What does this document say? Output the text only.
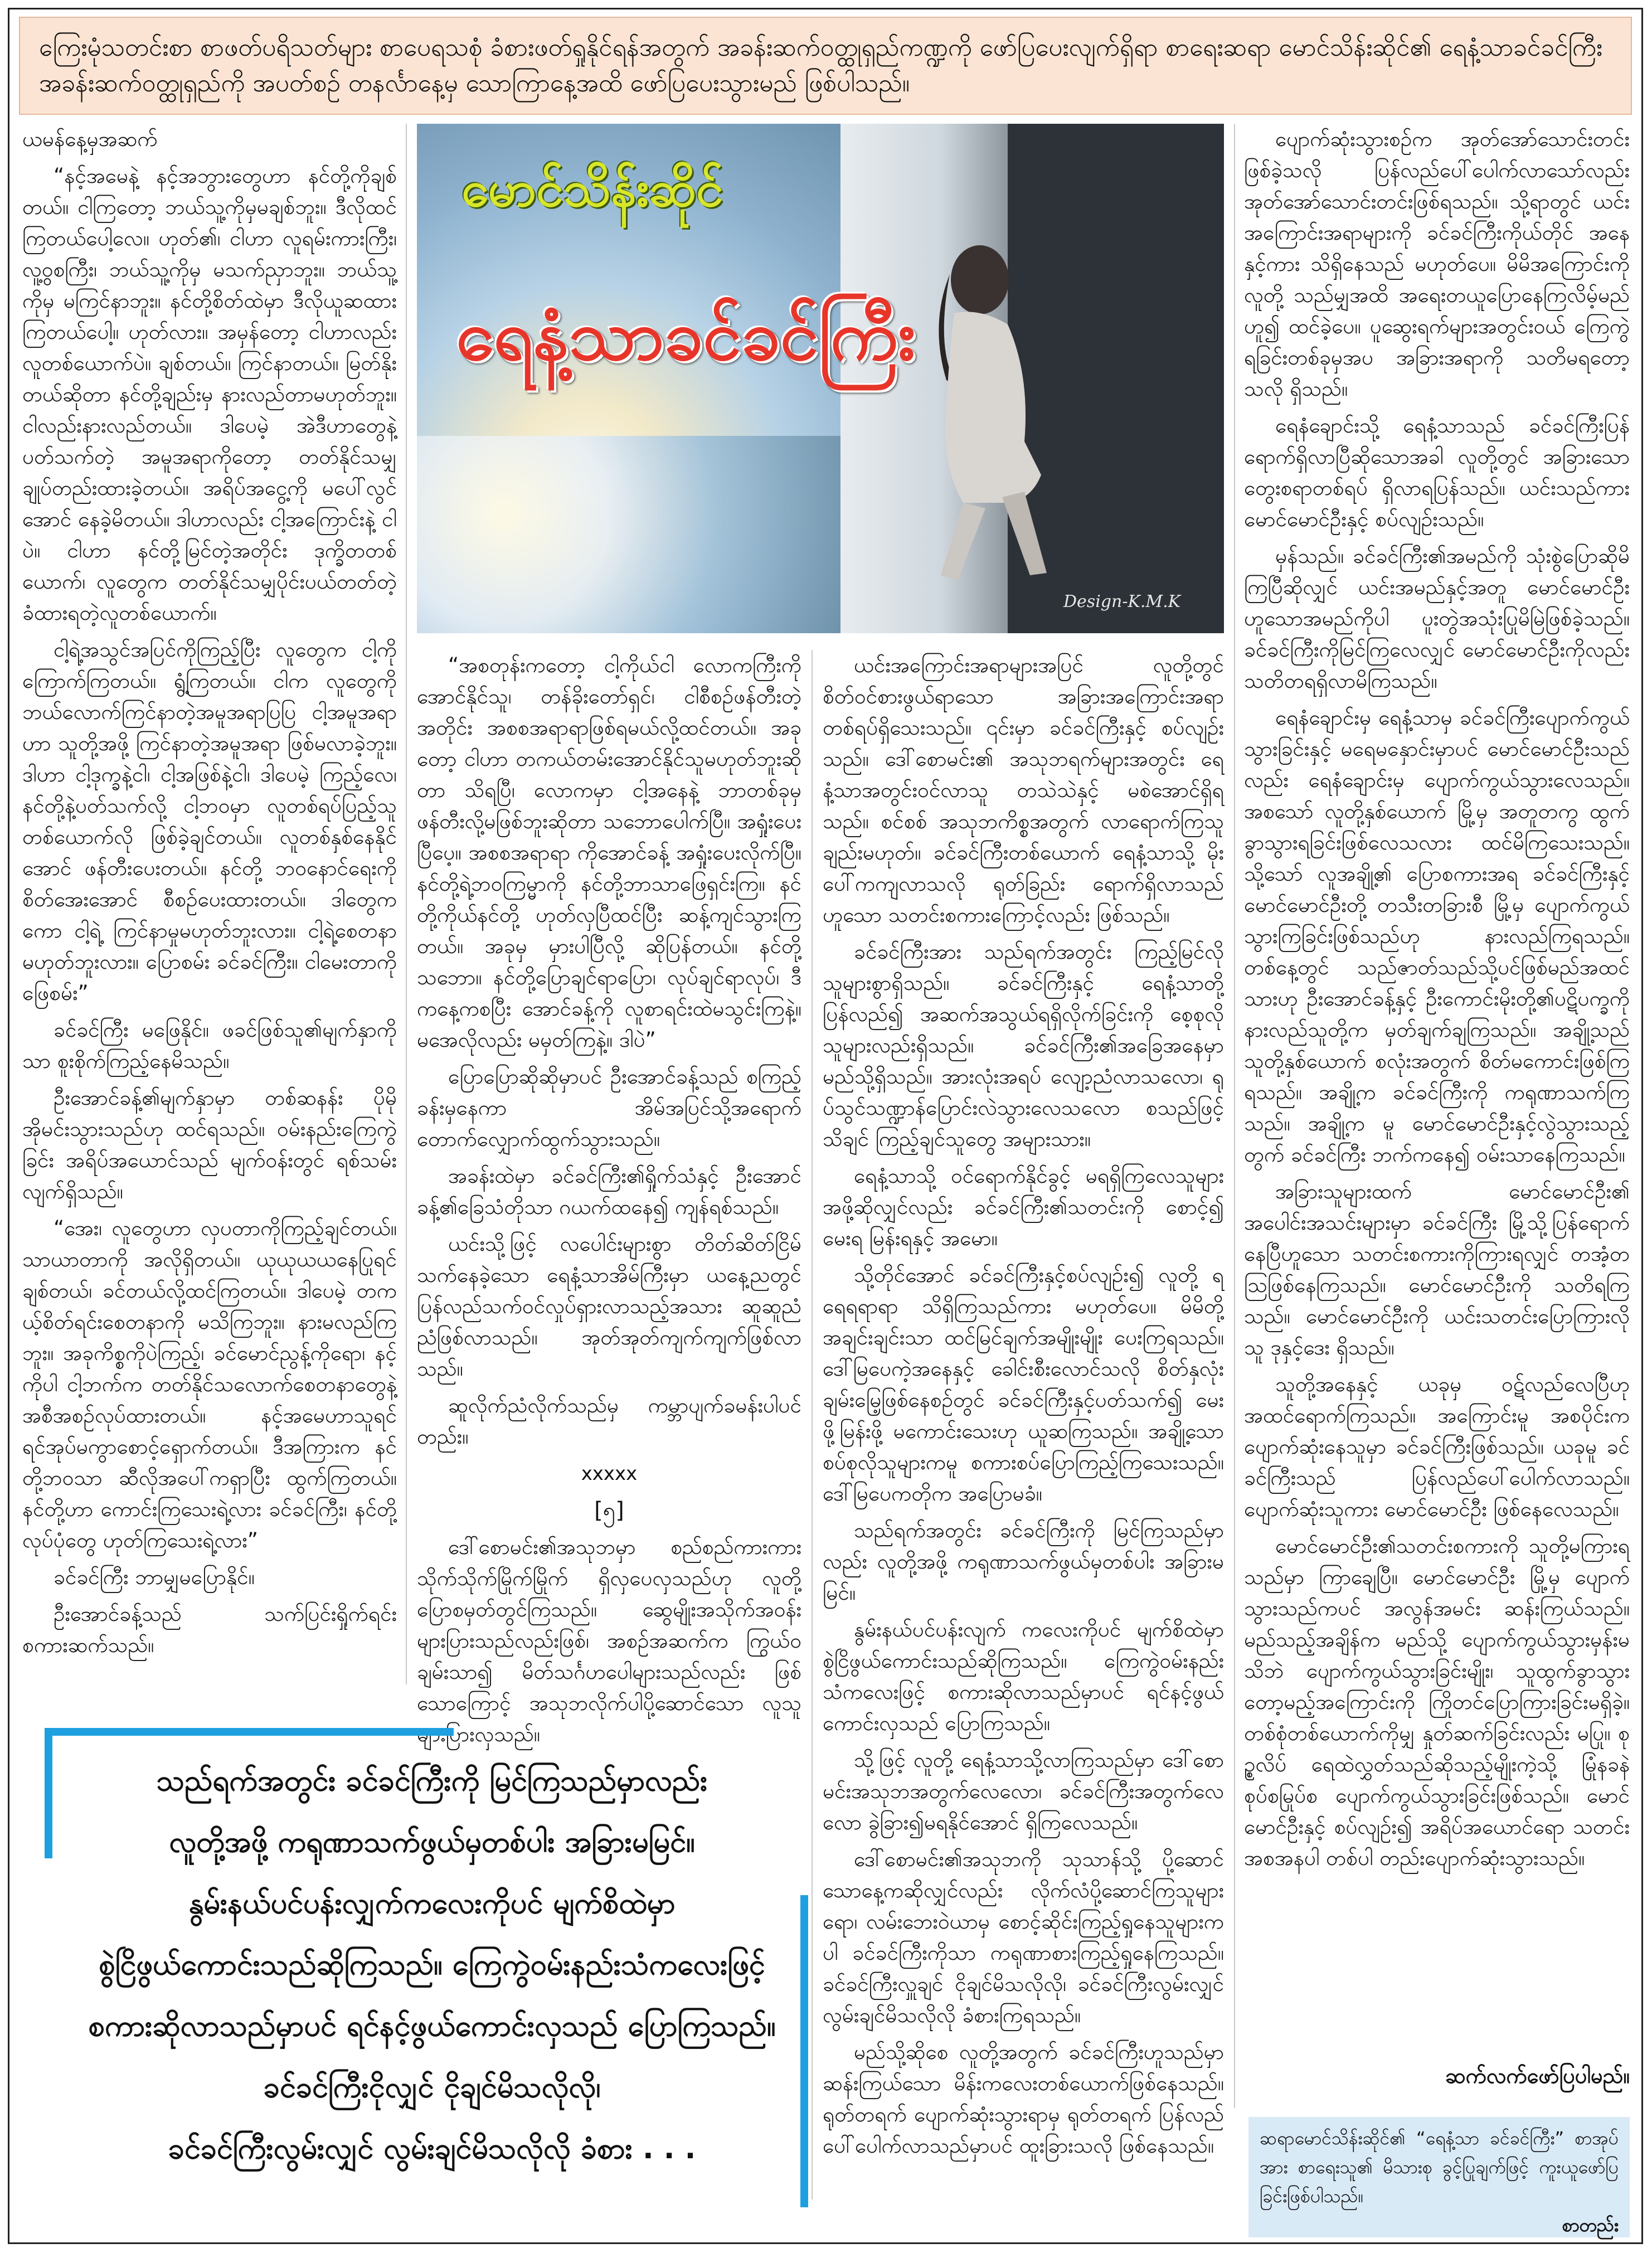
ကြေးမုံသတင်းစာ စာဖတ်ပရိသတ်များ စာပေရသစုံ ခံစားဖတ်ရှုနိုင်ရန်အတွက် အခန်းဆက်ဝတ္ထုရှည်ကဏ္ဍကို ဖော်ပြပေးလျက်ရှိရာ စာရေးဆရာ မောင်သိန်းဆိုင်၏ ရေနံ့သာခင်ခင်ကြီး အခန်းဆက်ဝတ္ထုရှည်ကို အပတ်စဉ် တနင်္လာနေ့မှ သောကြာနေ့အထိ ဖော်ပြပေးသွားမည် ဖြစ်ပါသည်။

ယမန်နေ့မှအဆက်

“နင့်အမေနဲ့ နင့်အဘွားတွေဟာ နင်တို့ကိုချစ်တယ်။ ငါကြတော့ ဘယ်သူ့ကိုမှမချစ်ဘူး။ ဒီလိုထင်ကြတယ်ပေါ့လေ။ ဟုတ်၏၊ ငါဟာ လူရမ်းကားကြီး၊ လူ့ဝွစကြီး၊ ဘယ်သူ့ကိုမှ မသက်ညှာဘူး။ ဘယ်သူ့ကိုမှ မကြင်နာဘူး။ နင်တို့စိတ်ထဲမှာ ဒီလိုယူဆထားကြတယ်ပေါ့။ ဟုတ်လား။ အမှန်တော့ ငါဟာလည်း လူတစ်ယောက်ပဲ။ ချစ်တယ်။ ကြင်နာတယ်။ မြတ်နိုးတယ်ဆိုတာ နင်တို့ချည်းမှ နားလည်တာမဟုတ်ဘူး။ ငါလည်းနားလည်တယ်။ ဒါပေမဲ့ အဲဒီဟာတွေနဲ့ပတ်သက်တဲ့ အမူအရာကိုတော့ တတ်နိုင်သမျှ ချုပ်တည်းထားခဲ့တယ်။ အရိပ်အငွေ့ကို မပေါ်လွင်အောင် နေခဲ့မိတယ်။ ဒါဟာလည်း ငါ့အကြောင်းနဲ့ ငါပဲ။ ငါဟာ နင်တို့မြင်တဲ့အတိုင်း ဒုက္ခိတတစ်ယောက်၊ လူတွေက တတ်နိုင်သမျှပိုင်းပယ်တတ်တဲ့ ခံထားရတဲ့လူတစ်ယောက်။

ငါ့ရဲ့အသွင်အပြင်ကိုကြည့်ပြီး လူတွေက ငါ့ကိုကြောက်ကြတယ်။ ရွံ့ကြတယ်။ ငါက လူတွေကို ဘယ်လောက်ကြင်နာတဲ့အမူအရာပြပြ ငါ့အမူအရာဟာ သူတို့အဖို့ ကြင်နာတဲ့အမူအရာ ဖြစ်မလာခဲ့ဘူး။ ဒါဟာ ငါ့ဒုက္ခနဲ့ငါ၊ ငါ့အဖြစ်နဲ့ငါ၊ ဒါပေမဲ့ ကြည့်လေ၊ နင်တို့နဲ့ပတ်သက်လို့ ငါ့ဘဝမှာ လူတစ်ရပ်ပြည့်သူတစ်ယောက်လို ဖြစ်ခဲ့ချင်တယ်။ လူတစ်နှစ်နေနိုင်အောင် ဖန်တီးပေးတယ်။ နင်တို့ ဘဝနောင်ရေးကို စိတ်အေးအောင် စီစဉ်ပေးထားတယ်။ ဒါတွေကကော ငါ့ရဲ့ ကြင်နာမှုမဟုတ်ဘူးလား။ ငါ့ရဲ့စေတနာမဟုတ်ဘူးလား။ ပြောစမ်း ခင်ခင်ကြီး။ ငါမေးတာကို ဖြေစမ်း”

ခင်ခင်ကြီး မဖြေနိုင်။ ဖခင်ဖြစ်သူ၏မျက်နှာကိုသာ စူးစိုက်ကြည့်နေမိသည်။

ဦးအောင်ခန့်၏မျက်နှာမှာ တစ်ဆနန်း ပိုမိုအိုမင်းသွားသည်ဟု ထင်ရသည်။ ဝမ်းနည်းကြေကွဲခြင်း အရိပ်အယောင်သည် မျက်ဝန်းတွင် ရစ်သမ်းလျက်ရှိသည်။

“အေး၊ လူတွေဟာ လှပတာကိုကြည့်ချင်တယ်။ သာယာတာကို အလိုရှိတယ်။ ယုယုယယနေပြုရင် ချစ်တယ်၊ ခင်တယ်လို့ထင်ကြတယ်။ ဒါပေမဲ့ တကယ့်စိတ်ရင်းစေတနာကို မသိကြဘူး။ နားမလည်ကြဘူး။ အခုကိစ္စကိုပဲကြည့်၊ ခင်မောင်ညွန့်ကိုရော၊ နင့်ကိုပါ ငါ့ဘက်က တတ်နိုင်သလောက်စေတနာတွေနဲ့ အစီအစဉ်လုပ်ထားတယ်။ နင့်အမေဟာသူရင် ရင်အုပ်မကွာစောင့်ရှောက်တယ်။ ဒီအကြားက နင်တို့ဘဝသာ ဆီလိုအပေါ်ကရှာပြီး ထွက်ကြတယ်။ နင်တို့ဟာ ကောင်းကြသေးရဲ့လား ခင်ခင်ကြီး၊ နင်တို့လုပ်ပုံတွေ ဟုတ်ကြသေးရဲ့လား”

ခင်ခင်ကြီး ဘာမျှမပြောနိုင်။

ဦးအောင်ခန့်သည် သက်ပြင်းရှိုက်ရင်း စကားဆက်သည်။

မောင်သိန်းဆိုင်
ရေနံ့သာခင်ခင်ကြီး
Design-K.M.K

“အစတုန်းကတော့ ငါ့ကိုယ်ငါ လောကကြီးကို အောင်နိုင်သူ၊ တန်ခိုးတော်ရှင်၊ ငါစီစဉ်ဖန်တီးတဲ့အတိုင်း အစစအရာရာဖြစ်ရမယ်လို့ထင်တယ်။ အခုတော့ ငါဟာ တကယ်တမ်းအောင်နိုင်သူမဟုတ်ဘူးဆိုတာ သိရပြီ၊ လောကမှာ ငါ့အနေနဲ့ ဘာတစ်ခုမှ ဖန်တီးလို့မဖြစ်ဘူးဆိုတာ သဘောပေါက်ပြီ။ အရှုံးပေးပြီပေ့။ အစစအရာရာ ကိုအောင်ခန့် အရှုံးပေးလိုက်ပြီ။ နင်တို့ရဲ့ဘဝကြမ္မာကို နင်တို့ဘာသာဖြေရှင်းကြ။ နင်တို့ကိုယ်နင်တို့ ဟုတ်လှပြီထင်ပြီး ဆန့်ကျင်သွားကြတယ်။ အခုမှ မှားပါပြီလို့ ဆိုပြန်တယ်။ နင်တို့သဘော။ နင်တို့ပြောချင်ရာပြော၊ လုပ်ချင်ရာလုပ်၊ ဒီကနေ့ကစပြီး အောင်ခန့်ကို လူစာရင်းထဲမသွင်းကြနဲ့။ မအေလိုလည်း မမှတ်ကြနဲ့။ ဒါပဲ”

ပြောပြောဆိုဆိုမှာပင် ဦးအောင်ခန့်သည် စကြည့်ခန်းမှနေကာ အိမ်အပြင်သို့အရောက်တောက်လျှောက်ထွက်သွားသည်။

အခန်းထဲမှာ ခင်ခင်ကြီး၏ရှိုက်သံနှင့် ဦးအောင်ခန့်၏ခြေသံတိုသာ ဂယက်ထနေ၍ ကျန်ရစ်သည်။

ယင်းသို့ဖြင့် လပေါင်းများစွာ တိတ်ဆိတ်ငြိမ်သက်နေခဲ့သော ရေနံ့သာအိမ်ကြီးမှာ ယနေ့ညတွင် ပြန်လည်သက်ဝင်လှုပ်ရှားလာသည့်အသား ဆူဆူညံညံဖြစ်လာသည်။ အုတ်အုတ်ကျက်ကျက်ဖြစ်လာသည်။

ဆူလိုက်ညံလိုက်သည်မှ ကမ္ဘာပျက်ခမန်းပါပင် တည်း။

xxxxx

[၅]

ဒေါ်စောမင်း၏အသုဘမှာ စည်စည်ကားကားသိုက်သိုက်မြိုက်မြိုက် ရှိလှပေလှသည်ဟု လူတို့ပြောစမှတ်တွင်ကြသည်။ ဆွေမျိုးအသိုက်အဝန်းများပြားသည်လည်းဖြစ်၊ အစဉ်အဆက်က ကြွယ်ဝချမ်းသာ၍ မိတ်သင်္ဂဟပေါများသည်လည်း ဖြစ်သောကြောင့် အသုဘလိုက်ပါပို့ဆောင်သော လူသူများပြားလှသည်။

ယင်းအကြောင်းအရာများအပြင် လူတို့တွင် စိတ်ဝင်စားဖွယ်ရာသော အခြားအကြောင်းအရာ တစ်ရပ်ရှိသေးသည်။ ၎င်းမှာ ခင်ခင်ကြီးနှင့် စပ်လျဉ်းသည်။ ဒေါ်စောမင်း၏ အသုဘရက်များအတွင်း ရေနံ့သာအတွင်းဝင်လာသူ တသဲသဲနှင့် မစဲအောင်ရှိရသည်။ စင်စစ် အသုဘကိစ္စအတွက် လာရောက်ကြသူ ချည်းမဟုတ်။ ခင်ခင်ကြီးတစ်ယောက် ရေနံ့သာသို့ မိုးပေါ်ကကျလာသလို ရုတ်ခြည်း ရောက်ရှိလာသည်ဟူသော သတင်းစကားကြောင့်လည်း ဖြစ်သည်။

ခင်ခင်ကြီးအား သည်ရက်အတွင်း ကြည့်မြင်လိုသူများစွာရှိသည်။ ခင်ခင်ကြီးနှင့် ရေနံ့သာတို့ ပြန်လည်၍ အဆက်အသွယ်ရရှိလိုက်ခြင်းကို စေ့စုလိုသူများလည်းရှိသည်။ ခင်ခင်ကြီး၏အခြေအနေမှာ မည်သို့ရှိသည်။ အားလုံးအရပ် လျော့ညံလာသလော၊ ရုပ်သွင်သဏ္ဍာန်ပြောင်းလဲသွားလေသလော စသည်ဖြင့် သိချင် ကြည့်ချင်သူတွေ အများသား။

ရေနံ့သာသို့ ဝင်ရောက်နိုင်ခွင့် မရရှိကြလေသူများ အဖို့ဆိုလျှင်လည်း ခင်ခင်ကြီး၏သတင်းကို စောင့်၍ မေးရ မြန်းရနှင့် အမော။

သို့တိုင်အောင် ခင်ခင်ကြီးနှင့်စပ်လျဉ်း၍ လူတို့ ရရေရရာရာ သိရှိကြသည်ကား မဟုတ်ပေ။ မိမိတို့အချင်းချင်းသာ ထင်မြင်ချက်အမျိုးမျိုး ပေးကြရသည်။ ဒေါ်မြပေကဲ့အနေနှင့် ခေါင်းစီးလောင်သလို စိတ်နှလုံးချမ်းမြေ့ဖြစ်နေစဉ်တွင် ခင်ခင်ကြီးနှင့်ပတ်သက်၍ မေးဖို့မြန်းဖို့ မကောင်းသေးဟု ယူဆကြသည်။ အချို့သော စပ်စုလိုသူများကမူ စကားစပ်ပြောကြည့်ကြသေးသည်။ ဒေါ်မြပေကတိုက အပြောမခံ။

သည်ရက်အတွင်း ခင်ခင်ကြီးကို မြင်ကြသည်မှာလည်း လူတို့အဖို့ ကရုဏာသက်ဖွယ်မှတစ်ပါး အခြားမမြင်။

နွမ်းနယ်ပင်ပန်းလျက် ကလေးကိုပင် မျက်စိထဲမှာ စွဲငြိဖွယ်ကောင်းသည်ဆိုကြသည်။ ကြေကွဲဝမ်းနည်းသံကလေးဖြင့် စကားဆိုလာသည်မှာပင် ရင်နင့်ဖွယ်ကောင်းလှသည် ပြောကြသည်။

သို့ဖြင့် လူတို့ ရေနံ့သာသို့လာကြသည်မှာ ဒေါ်စောမင်းအသုဘအတွက်လေလော၊ ခင်ခင်ကြီးအတွက်လေလော ခွဲခြား၍မရနိုင်အောင် ရှိကြလေသည်။

ဒေါ်စောမင်း၏အသုဘကို သုသာန်သို့ ပို့ဆောင်သောနေ့ကဆိုလျှင်လည်း လိုက်လံပို့ဆောင်ကြသူများရော၊ လမ်းဘေးဝဲယာမှ စောင့်ဆိုင်းကြည့်ရှုနေသူများကပါ ခင်ခင်ကြီးကိုသာ ကရုဏာစားကြည့်ရှုနေကြသည်။ ခင်ခင်ကြီးလှူချင် ငိုချင်မိသလိုလို၊ ခင်ခင်ကြီးလွမ်းလျှင် လွမ်းချင်မိသလိုလို ခံစားကြရသည်။

မည်သို့ဆိုစေ လူတို့အတွက် ခင်ခင်ကြီးဟူသည်မှာ ဆန်းကြယ်သော မိန်းကလေးတစ်ယောက်ဖြစ်နေသည်။ ရုတ်တရက် ပျောက်ဆုံးသွားရာမှ ရုတ်တရက် ပြန်လည်ပေါ်ပေါက်လာသည်မှာပင် ထူးခြားသလို ဖြစ်နေသည်။

ပျောက်ဆုံးသွားစဉ်က အုတ်အော်သောင်းတင်းဖြစ်ခဲ့သလို ပြန်လည်ပေါ်ပေါက်လာသော်လည်း အုတ်အော်သောင်းတင်းဖြစ်ရသည်။ သို့ရာတွင် ယင်းအကြောင်းအရာများကို ခင်ခင်ကြီးကိုယ်တိုင် အနေနှင့်ကား သိရှိနေသည် မဟုတ်ပေ။ မိမိအကြောင်းကို လူတို့ သည်မျှအထိ အရေးတယူပြောနေကြလိမ့်မည်ဟူ၍ ထင်ခဲ့ပေ။ ပူဆွေးရက်များအတွင်းဝယ် ကြေကွဲရခြင်းတစ်ခုမှအပ အခြားအရာကို သတိမရတော့သလို ရှိသည်။

ရေနံချောင်းသို့ ရေနံ့သာသည် ခင်ခင်ကြီးပြန်ရောက်ရှိလာပြီဆိုသောအခါ လူတို့တွင် အခြားသောတွေးစရာတစ်ရပ် ရှိလာရပြန်သည်။ ယင်းသည်ကား မောင်မောင်ဦးနှင့် စပ်လျဉ်းသည်။

မှန်သည်။ ခင်ခင်ကြီး၏အမည်ကို သုံးစွဲပြောဆိုမိကြပြီဆိုလျှင် ယင်းအမည်နှင့်အတူ မောင်မောင်ဦးဟူသောအမည်ကိုပါ ပူးတွဲအသုံးပြုမိမြဲဖြစ်ခဲ့သည်။ ခင်ခင်ကြီးကိုမြင်ကြလေလျှင် မောင်မောင်ဦးကိုလည်း သတိတရရှိလာမိကြသည်။

ရေနံချောင်းမှ ရေနံ့သာမှ ခင်ခင်ကြီးပျောက်ကွယ်သွားခြင်းနှင့် မရေမနှောင်းမှာပင် မောင်မောင်ဦးသည်လည်း ရေနံချောင်းမှ ပျောက်ကွယ်သွားလေသည်။ အစသော် လူတို့နှစ်ယောက် မြို့မှ အတူတကွ ထွက်ခွာသွားရခြင်းဖြစ်လေသလား ထင်မိကြသေးသည်။ သို့သော် လူအချို့၏ ပြောစကားအရ ခင်ခင်ကြီးနှင့် မောင်မောင်ဦးတို့ တသီးတခြားစီ မြို့မှ ပျောက်ကွယ်သွားကြခြင်းဖြစ်သည်ဟု နားလည်ကြရသည်။ တစ်နေ့တွင် သည်ဇာတ်သည်သို့ပင်ဖြစ်မည်အထင်သားဟု ဦးအောင်ခန့်နှင့် ဦးကောင်းမိုးတို့၏ပဋိပက္ခကို နားလည်သူတို့က မှတ်ချက်ချကြသည်။ အချို့သည် သူတို့နှစ်ယောက် စလုံးအတွက် စိတ်မကောင်းဖြစ်ကြရသည်။ အချို့က ခင်ခင်ကြီးကို ကရုဏာသက်ကြသည်။ အချို့က မူ မောင်မောင်ဦးနှင့်လွဲသွားသည့်တွက် ခင်ခင်ကြီး ဘက်ကနေ၍ ဝမ်းသာနေကြသည်။

အခြားသူများထက် မောင်မောင်ဦး၏ အပေါင်းအသင်းများမှာ ခင်ခင်ကြီး မြို့သို့ပြန်ရောက်နေပြီဟူသော သတင်းစကားကိုကြားရလျှင် တအံ့တသြဖြစ်နေကြသည်။ မောင်မောင်ဦးကို သတိရကြသည်။ မောင်မောင်ဦးကို ယင်းသတင်းပြောကြားလိုသူ ဒုနှင့်ဒေး ရှိသည်။

သူတို့အနေနှင့် ယခုမှ ဝဋ်လည်လေပြီဟု အထင်ရောက်ကြသည်။ အကြောင်းမူ အစပိုင်းက ပျောက်ဆုံးနေသူမှာ ခင်ခင်ကြီးဖြစ်သည်။ ယခုမူ ခင်ခင်ကြီးသည် ပြန်လည်ပေါ်ပေါက်လာသည်။ ပျောက်ဆုံးသူကား မောင်မောင်ဦး ဖြစ်နေလေသည်။

မောင်မောင်ဦး၏သတင်းစကားကို သူတို့မကြားရသည်မှာ ကြာချေပြီ။ မောင်မောင်ဦး မြို့မှ ပျောက်သွားသည်ကပင် အလွန်အမင်း ဆန်းကြယ်သည်။ မည်သည့်အချိန်က မည်သို့ ပျောက်ကွယ်သွားမှန်းမသိဘဲ ပျောက်ကွယ်သွားခြင်းမျိုး၊ သူထွက်ခွာသွားတော့မည့်အကြောင်းကို ကြိုတင်ပြောကြားခြင်းမရှိခဲ့။ တစ်စုံတစ်ယောက်ကိုမျှ နှုတ်ဆက်ခြင်းလည်း မပြု။ စုဥ္စလိပ် ရေထဲလွှတ်သည်ဆိုသည့်မျိုးကဲ့သို့ မြုံနခနဲ စုပ်စမြုပ်စ ပျောက်ကွယ်သွားခြင်းဖြစ်သည်။ မောင်မောင်ဦးနှင့် စပ်လျဉ်း၍ အရိပ်အယောင်ရော သတင်းအစအနပါ တစ်ပါ တည်းပျောက်ဆုံးသွားသည်။

ဆက်လက်ဖော်ပြပါမည်။
သည်ရက်အတွင်း ခင်ခင်ကြီးကို မြင်ကြသည်မှာလည်း
လူတို့အဖို့ ကရုဏာသက်ဖွယ်မှတစ်ပါး အခြားမမြင်။
နွမ်းနယ်ပင်ပန်းလျှက်ကလေးကိုပင် မျက်စိထဲမှာ
စွဲငြိဖွယ်ကောင်းသည်ဆိုကြသည်။ ကြေကွဲဝမ်းနည်းသံကလေးဖြင့်
စကားဆိုလာသည်မှာပင် ရင်နင့်ဖွယ်ကောင်းလှသည် ပြောကြသည်။
ခင်ခင်ကြီးငိုလျှင် ငိုချင်မိသလိုလို၊
ခင်ခင်ကြီးလွမ်းလျှင် လွမ်းချင်မိသလိုလို ခံစား . . .	ဆရာမောင်သိန်းဆိုင်၏ “ရေနံ့သာ ခင်ခင်ကြီး” စာအုပ်အား စာရေးသူ၏ မိသားစု ခွင့်ပြုချက်ဖြင့် ကူးယူဖော်ပြခြင်းဖြစ်ပါသည်။
စာတည်း
